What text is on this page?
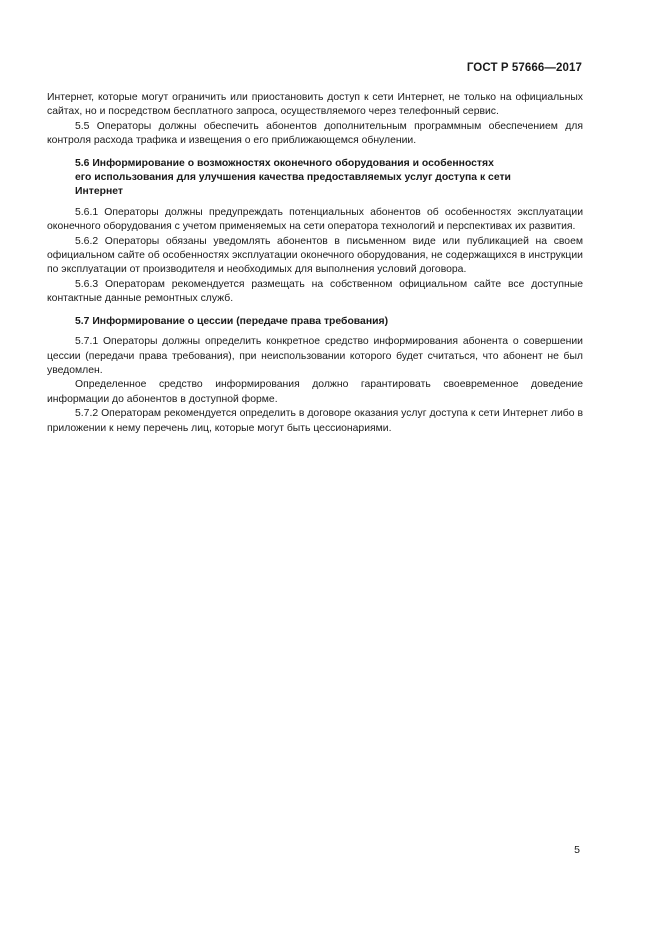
ГОСТ Р 57666—2017

Интернет, которые могут ограничить или приостановить доступ к сети Интернет, не только на официальных сайтах, но и посредством бесплатного запроса, осуществляемого через телефонный сервис.

5.5 Операторы должны обеспечить абонентов дополнительным программным обеспечением для контроля расхода трафика и извещения о его приближающемся обнулении.

5.6 Информирование о возможностях оконечного оборудования и особенностях
его использования для улучшения качества предоставляемых услуг доступа к сети
Интернет

5.6.1 Операторы должны предупреждать потенциальных абонентов об особенностях эксплуатации оконечного оборудования с учетом применяемых на сети оператора технологий и перспективах их развития.

5.6.2 Операторы обязаны уведомлять абонентов в письменном виде или публикацией на своем официальном сайте об особенностях эксплуатации оконечного оборудования, не содержащихся в инструкции по эксплуатации от производителя и необходимых для выполнения условий договора.

5.6.3 Операторам рекомендуется размещать на собственном официальном сайте все доступные контактные данные ремонтных служб.

5.7 Информирование о цессии (передаче права требования)

5.7.1 Операторы должны определить конкретное средство информирования абонента о совершении цессии (передачи права требования), при неиспользовании которого будет считаться, что абонент не был уведомлен.

Определенное средство информирования должно гарантировать своевременное доведение информации до абонентов в доступной форме.

5.7.2 Операторам рекомендуется определить в договоре оказания услуг доступа к сети Интернет либо в приложении к нему перечень лиц, которые могут быть цессионариями.

5
